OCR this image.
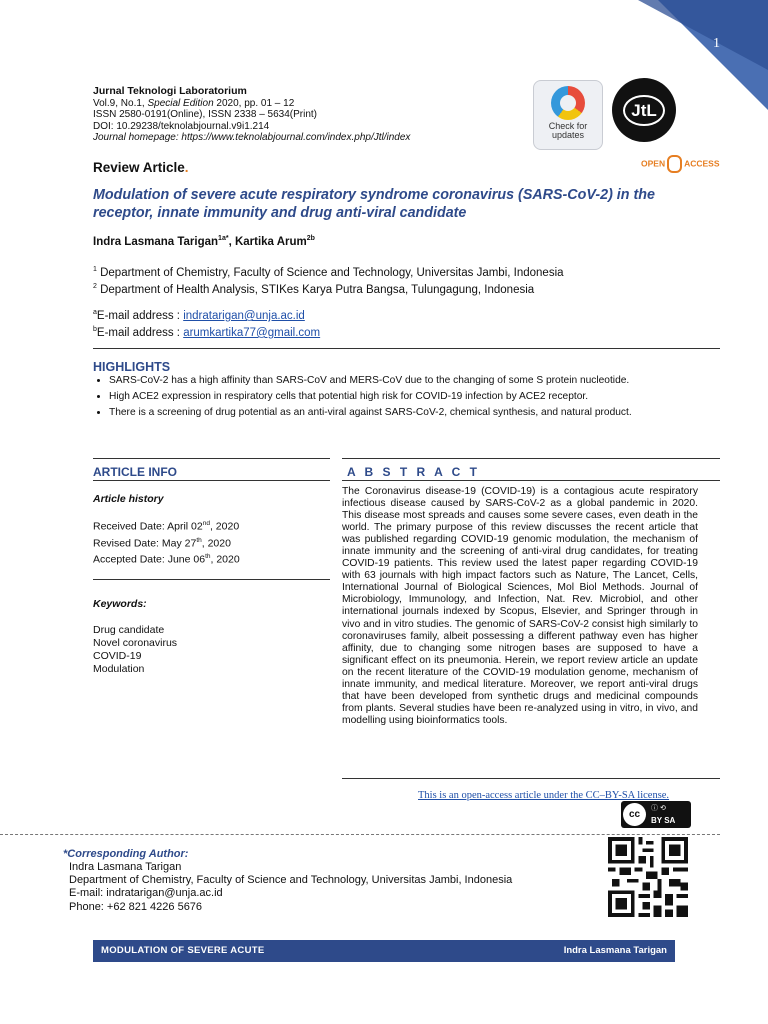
1
Jurnal Teknologi Laboratorium
Vol.9, No.1, Special Edition 2020, pp. 01 – 12
ISSN 2580-0191(Online), ISSN 2338 – 5634(Print)
DOI: 10.29238/teknolabjournal.v9i1.214
Journal homepage: https://www.teknolabjournal.com/index.php/Jtl/index
Check for
updates
JtL
Review Article.	OPEN ACCESS
Modulation of severe acute respiratory syndrome coronavirus (SARS-CoV-2) in the receptor, innate immunity and drug anti-viral candidate
Indra Lasmana Tarigan$^{1a*}$, Kartika Arum$^{2b}$
$^1$ Department of Chemistry, Faculty of Science and Technology, Universitas Jambi, Indonesia
$^2$ Department of Health Analysis, STIKes Karya Putra Bangsa, Tulungagung, Indonesia
$^a$E-mail address : indratarigan@unja.ac.id
$^b$E-mail address : arumkartika77@gmail.com
HIGHLIGHTS
• SARS-CoV-2 has a high affinity than SARS-CoV and MERS-CoV due to the changing of some S protein nucleotide.
• High ACE2 expression in respiratory cells that potential high risk for COVID-19 infection by ACE2 receptor.
• There is a screening of drug potential as an anti-viral against SARS-CoV-2, chemical synthesis, and natural product.
ARTICLE INFO	A B S T R A C T
Article history
Received Date: April 02nd, 2020
Revised Date: May 27th, 2020
Accepted Date: June 06th, 2020
Keywords:
Drug candidate
Novel coronavirus
COVID-19
Modulation
The Coronavirus disease-19 (COVID-19) is a contagious acute respiratory infectious disease caused by SARS-CoV-2 as a global pandemic in 2020. This disease most spreads and causes some severe cases, even death in the world. The primary purpose of this review discusses the recent article that was published regarding COVID-19 genomic modulation, the mechanism of innate immunity and the screening of anti-viral drug candidates, for treating COVID-19 patients. This review used the latest paper regarding COVID-19 with 63 journals with high impact factors such as Nature, The Lancet, Cells, International Journal of Biological Sciences, Mol Biol Methods. Journal of Microbiology, Immunology, and Infection, Nat. Rev. Microbiol, and other international journals indexed by Scopus, Elsevier, and Springer through in vivo and in vitro studies. The genomic of SARS-CoV-2 consist high similarly to coronaviruses family, albeit possessing a different pathway even has higher affinity, due to changing some nitrogen bases are supposed to have a significant effect on its pneumonia. Herein, we report review article an update on the recent literature of the COVID-19 modulation genome, mechanism of innate immunity, and medical literature. Moreover, we report anti-viral drugs that have been developed from synthetic drugs and medicinal compounds from plants. Several studies have been re-analyzed using in vitro, in vivo, and modelling using bioinformatics tools.
This is an open-access article under the CC–BY-SA license.
cc
ⓘ ⟲
BY SA
*Corresponding Author:
Indra Lasmana Tarigan
Department of Chemistry, Faculty of Science and Technology, Universitas Jambi, Indonesia
E-mail: indratarigan@unja.ac.id
Phone: +62 821 4226 5676
MODULATION OF SEVERE ACUTE	Indra Lasmana Tarigan
